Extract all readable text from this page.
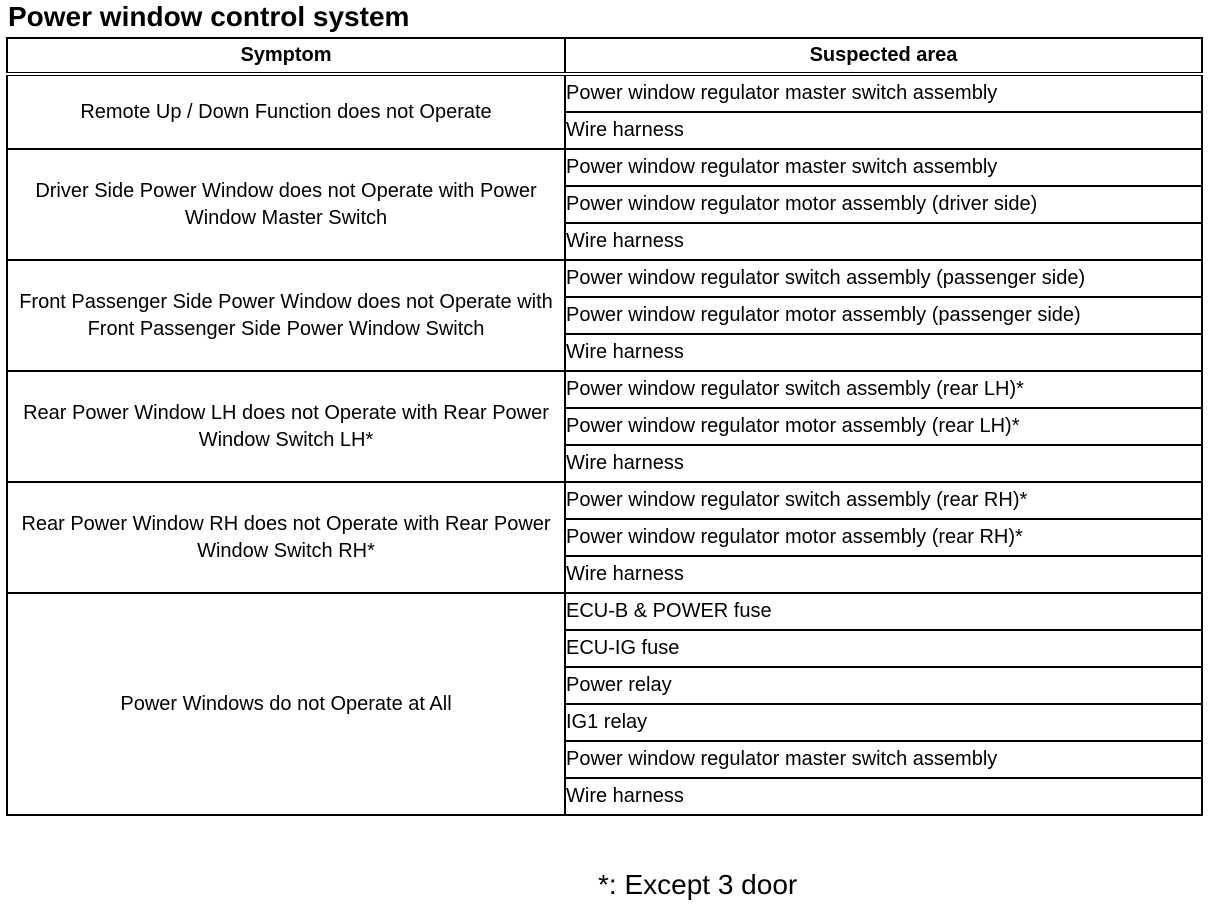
Power window control system
Symptom	Suspected area
Remote Up / Down Function does not Operate	Power window regulator master switch assembly
	Wire harness
Driver Side Power Window does not Operate with Power Window Master Switch	Power window regulator master switch assembly
	Power window regulator motor assembly (driver side)
	Wire harness
Front Passenger Side Power Window does not Operate with Front Passenger Side Power Window Switch	Power window regulator switch assembly (passenger side)
	Power window regulator motor assembly (passenger side)
	Wire harness
Rear Power Window LH does not Operate with Rear Power Window Switch LH*	Power window regulator switch assembly (rear LH)*
	Power window regulator motor assembly (rear LH)*
	Wire harness
Rear Power Window RH does not Operate with Rear Power Window Switch RH*	Power window regulator switch assembly (rear RH)*
	Power window regulator motor assembly (rear RH)*
	Wire harness
Power Windows do not Operate at All	ECU-B & POWER fuse
	ECU-IG fuse
	Power relay
	IG1 relay
	Power window regulator master switch assembly
	Wire harness
*: Except 3 door
